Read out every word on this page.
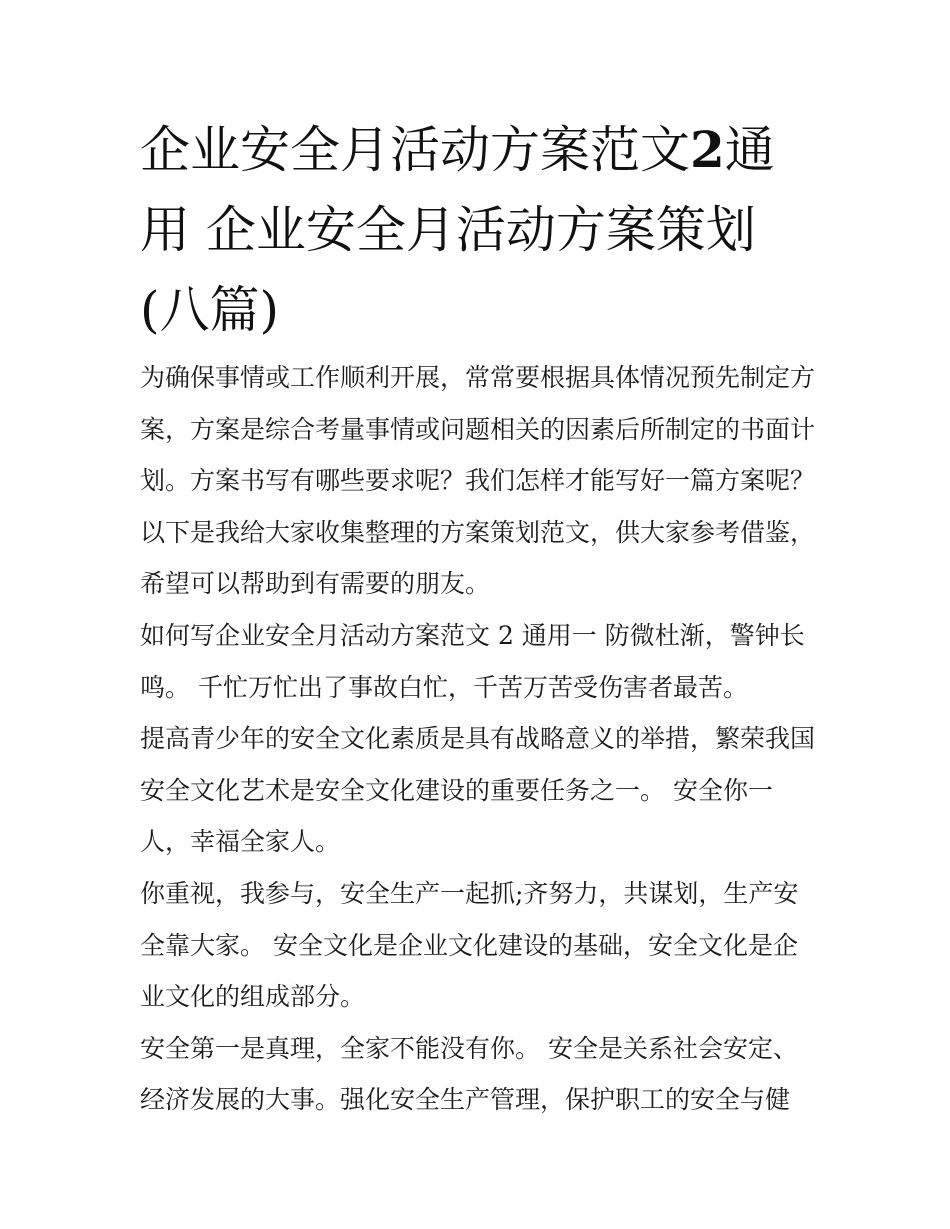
企业安全月活动方案范文2通
用 企业安全月活动方案策划
(八篇)
为确保事情或工作顺利开展，常常要根据具体情况预先制定方
案，方案是综合考量事情或问题相关的因素后所制定的书面计
划。方案书写有哪些要求呢？我们怎样才能写好一篇方案呢？
以下是我给大家收集整理的方案策划范文，供大家参考借鉴，
希望可以帮助到有需要的朋友。
如何写企业安全月活动方案范文 2 通用一 防微杜渐，警钟长
鸣。 千忙万忙出了事故白忙，千苦万苦受伤害者最苦。
提高青少年的安全文化素质是具有战略意义的举措，繁荣我国
安全文化艺术是安全文化建设的重要任务之一。 安全你一
人，幸福全家人。
你重视，我参与，安全生产一起抓;齐努力，共谋划，生产安
全靠大家。 安全文化是企业文化建设的基础，安全文化是企
业文化的组成部分。
安全第一是真理，全家不能没有你。 安全是关系社会安定、
经济发展的大事。强化安全生产管理，保护职工的安全与健
